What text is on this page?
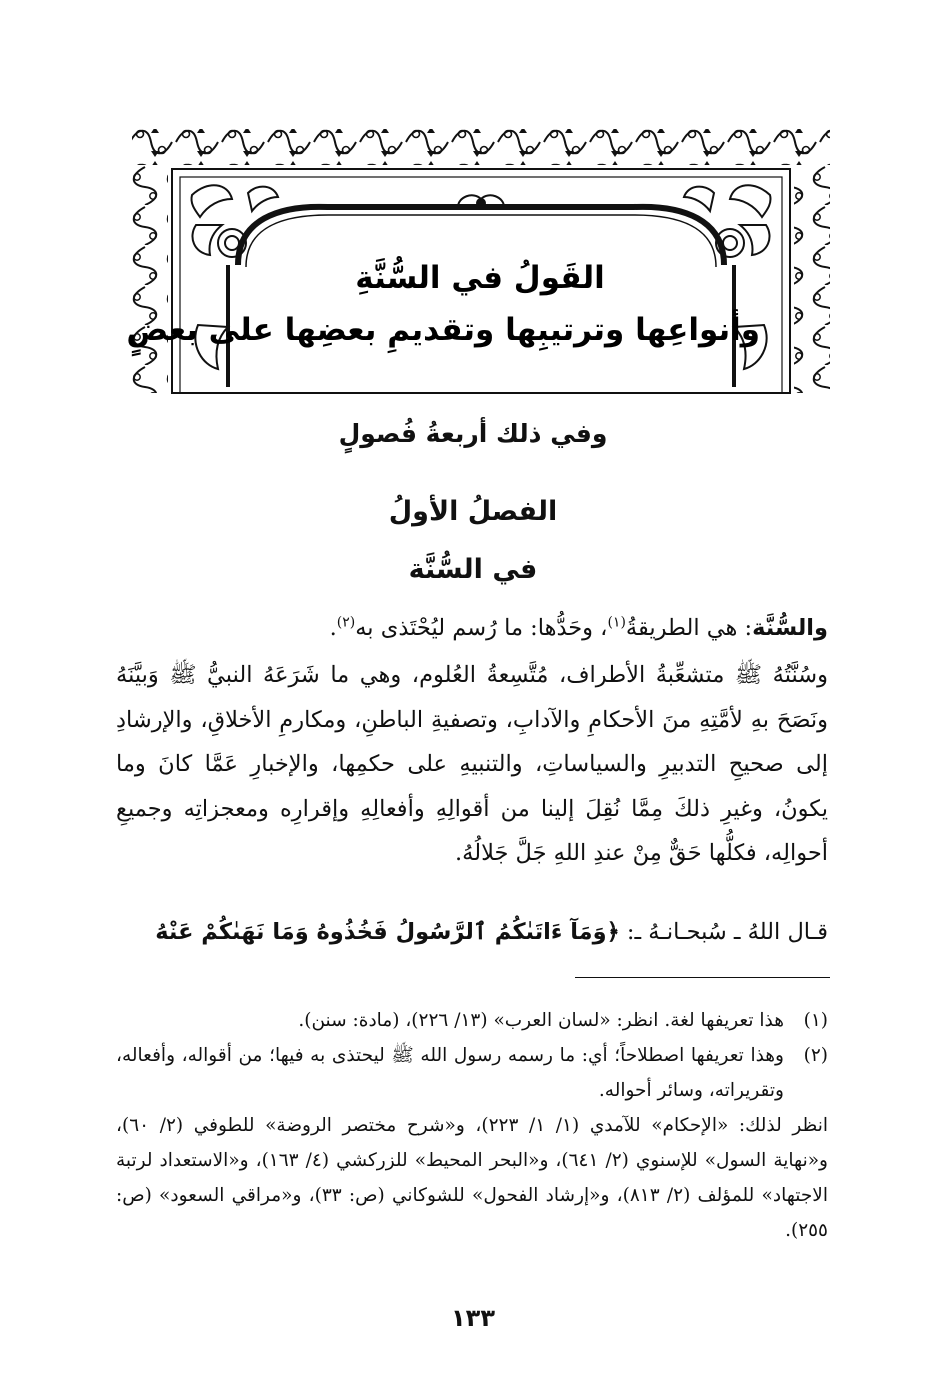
القَولُ في السُّنَّةِ
وأنواعِها وترتيبِها وتقديمِ بعضِها على بعضٍ
وفي ذلك أربعةُ فُصولٍ
الفصلُ الأولُ
في السُّنَّة
والسُّنَّة: هي الطريقةُ$^{(١)}$، وحَدُّها: ما رُسم ليُحْتَذى به$^{(٢)}$.
وسُنَّتُهُ ﷺ متشعِّبةُ الأطراف، مُتَّسِعةُ العُلوم، وهي ما شَرَعَهُ النبيُّ ﷺ وَبيَّنَهُ ونَصَحَ بهِ لأمَّتِهِ منَ الأحكامِ والآدابِ، وتصفيةِ الباطنِ، ومكارمِ الأخلاقِ، والإرشادِ إلى صحيحِ التدبيرِ والسياساتِ، والتنبيهِ على حكمِها، والإخبارِ عَمَّا كانَ وما يكونُ، وغيرِ ذلكَ مِمَّا نُقِلَ إلينا من أقوالِهِ وأفعالِهِ وإقرارِه ومعجزاتِه وجميعِ أحوالِه، فكلُّها حَقٌّ مِنْ عندِ اللهِ جَلَّ جَلالُهُ.
قـال اللهُ ـ سُبحـانـهُ ـ: ﴿وَمَآ ءَاتَىٰكُمُ ٱلرَّسُولُ فَخُذُوهُ وَمَا نَهَىٰكُمْ عَنْهُ
(١)
هذا تعريفها لغة. انظر: «لسان العرب» (١٣/ ٢٢٦)، (مادة: سنن).
(٢)
وهذا تعريفها اصطلاحاً؛ أي: ما رسمه رسول الله ﷺ ليحتذى به فيها؛ من أقواله، وأفعاله، وتقريراته، وسائر أحواله.
انظر لذلك: «الإحكام» للآمدي (١/ ١/ ٢٢٣)، و«شرح مختصر الروضة» للطوفي (٢/ ٦٠)، و«نهاية السول» للإسنوي (٢/ ٦٤١)، و«البحر المحيط» للزركشي (٤/ ١٦٣)، و«الاستعداد لرتبة الاجتهاد» للمؤلف (٢/ ٨١٣)، و«إرشاد الفحول» للشوكاني (ص: ٣٣)، و«مراقي السعود» (ص: ٢٥٥).
١٣٣
